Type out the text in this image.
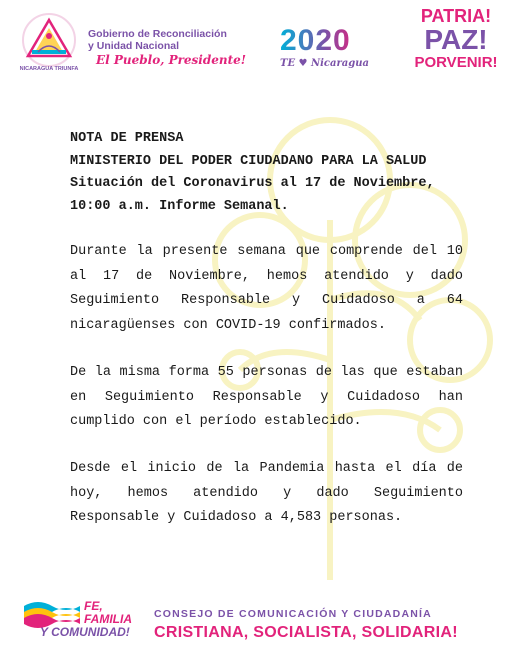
NICARAGUA TRIUNFA
Gobierno de Reconciliación
y Unidad Nacional
El Pueblo, Presidente!
2020
TE ♥ Nicaragua
PATRIA!
PAZ!
PORVENIR!
NOTA DE PRENSA
MINISTERIO DEL PODER CIUDADANO PARA LA SALUD
Situación del Coronavirus al 17 de Noviembre,
10:00 a.m. Informe Semanal.

Durante la presente semana que comprende del 10 al 17 de Noviembre, hemos atendido y dado Seguimiento Responsable y Cuidadoso a 64 nicaragüenses con COVID-19 confirmados.

De la misma forma 55 personas de las que estaban en Seguimiento Responsable y Cuidadoso han cumplido con el período establecido.

Desde el inicio de la Pandemia hasta el día de hoy, hemos atendido y dado Seguimiento Responsable y Cuidadoso a 4,583 personas.

FE,
FAMILIA
Y COMUNIDAD!
CONSEJO DE COMUNICACIÓN Y CIUDADANÍA
CRISTIANA, SOCIALISTA, SOLIDARIA!
